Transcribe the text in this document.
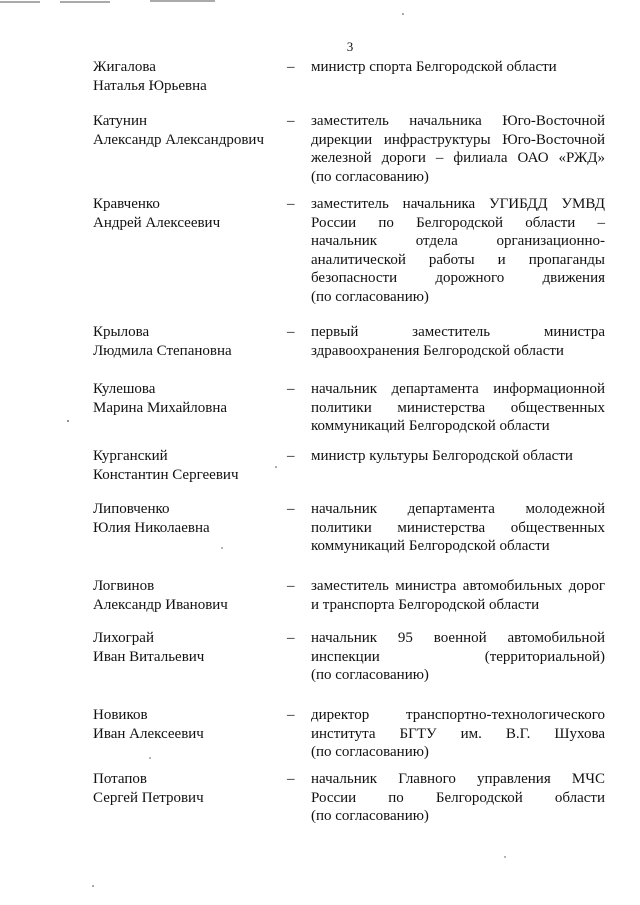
3
Жигалова
Наталья Юрьевна
– министр спорта Белгородской области
Катунин
Александр Александрович
– заместитель начальника Юго-Восточной
дирекции инфраструктуры Юго-Восточной
железной дороги – филиала ОАО «РЖД»
(по согласованию)
Кравченко
Андрей Алексеевич
– заместитель начальника УГИБДД УМВД
России по Белгородской области –
начальник отдела организационно-
аналитической работы и пропаганды
безопасности дорожного движения
(по согласованию)
Крылова
Людмила Степановна
– первый заместитель министра
здравоохранения Белгородской области
Кулешова
Марина Михайловна
– начальник департамента информационной
политики министерства общественных
коммуникаций Белгородской области
Курганский
Константин Сергеевич
– министр культуры Белгородской области
Липовченко
Юлия Николаевна
– начальник департамента молодежной
политики министерства общественных
коммуникаций Белгородской области
Логвинов
Александр Иванович
– заместитель министра автомобильных дорог
и транспорта Белгородской области
Лихограй
Иван Витальевич
– начальник 95 военной автомобильной
инспекции (территориальной)
(по согласованию)
Новиков
Иван Алексеевич
– директор транспортно-технологического
института БГТУ им. В.Г. Шухова
(по согласованию)
Потапов
Сергей Петрович
– начальник Главного управления МЧС
России по Белгородской области
(по согласованию)
